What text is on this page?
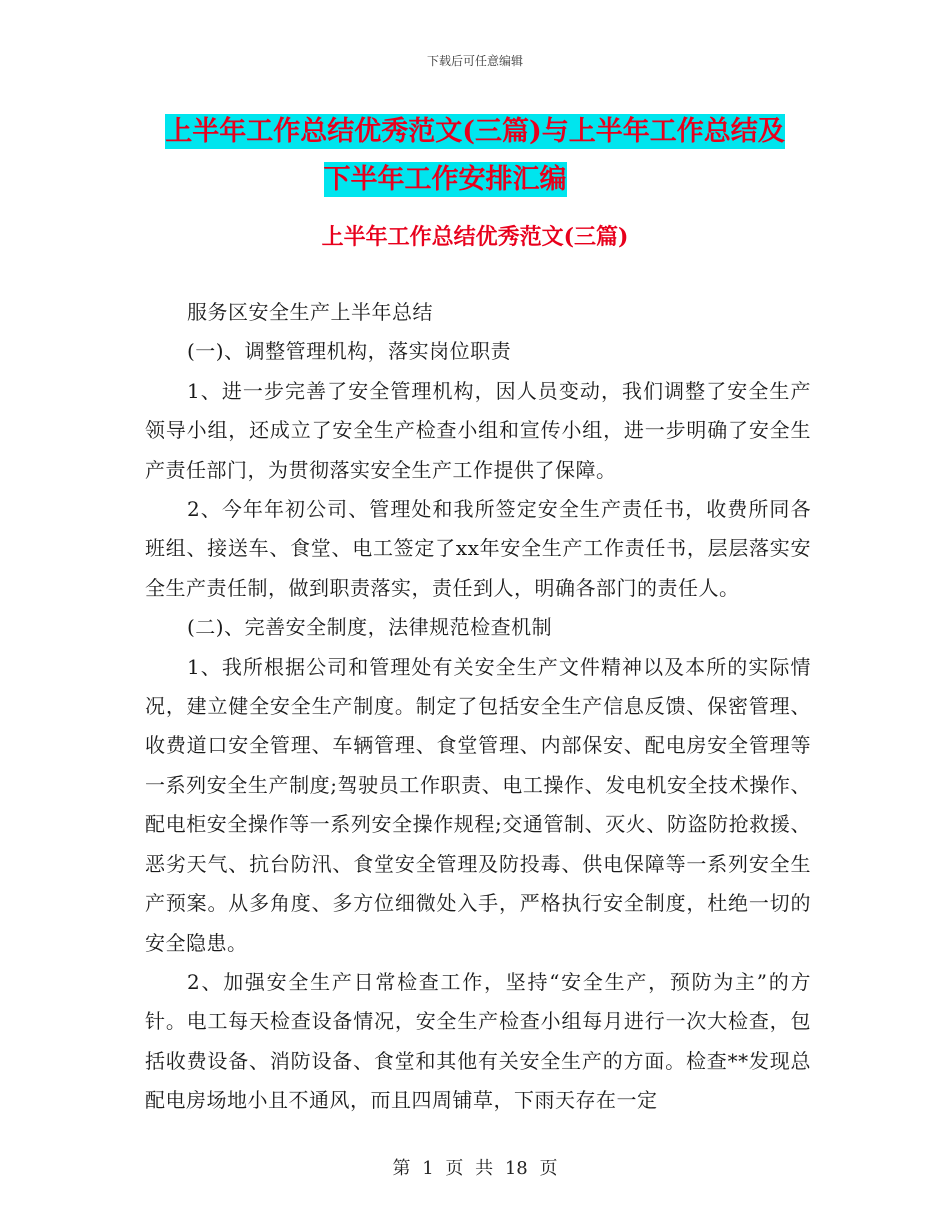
下载后可任意编辑
上半年工作总结优秀范文(三篇)与上半年工作总结及
下半年工作安排汇编
上半年工作总结优秀范文(三篇)

服务区安全生产上半年总结

(一)、调整管理机构，落实岗位职责

1、进一步完善了安全管理机构，因人员变动，我们调整了安全生产领导小组，还成立了安全生产检查小组和宣传小组，进一步明确了安全生产责任部门，为贯彻落实安全生产工作提供了保障。

2、今年年初公司、管理处和我所签定安全生产责任书，收费所同各班组、接送车、食堂、电工签定了xx年安全生产工作责任书，层层落实安全生产责任制，做到职责落实，责任到人，明确各部门的责任人。

(二)、完善安全制度，法律规范检查机制

1、我所根据公司和管理处有关安全生产文件精神以及本所的实际情 况，建立健全安全生产制度。制定了包括安全生产信息反馈、保密管理、收费道口安全管理、车辆管理、食堂管理、内部保安、配电房安全管理等一系列安全生产制度;驾驶员工作职责、电工操作、发电机安全技术操作、配电柜安全操作等一系列安全操作规程;交通管制、灭火、防盗防抢救援、恶劣天气、抗台防汛、食堂安全管理及防投毒、供电保障等一系列安全生产预案。从多角度、多方位细微处入手，严格执行安全制度，杜绝一切的安全隐患。

2、加强安全生产日常检查工作，坚持“安全生产，预防为主”的方针。电工每天检查设备情况，安全生产检查小组每月进行一次大检查，包括收费设备、消防设备、食堂和其他有关安全生产的方面。检查**发现总配电房场地小且不通风，而且四周铺草，下雨天存在一定

第 1 页 共 18 页
